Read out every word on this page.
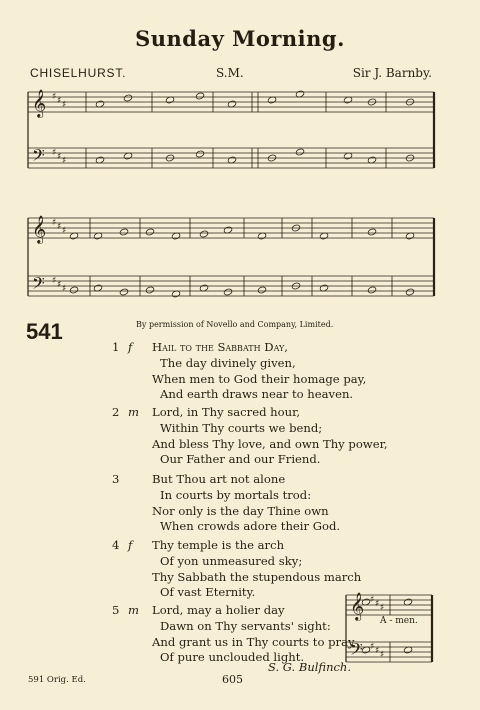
Sunday Morning.
CHISELHURST.	S.M.	Sir J. Barnby.
𝄞
𝄢
♯
♯
♯
♯
♯
♯
𝄞
𝄢
♯
♯
♯
♯
♯
♯
𝄞
𝄢
♯
♯
♯
♯
♯
♯
541	By permission of Novello and Company, Limited.
1 f Hail to the Sabbath Day,
The day divinely given,
When men to God their homage pay,
And earth draws near to heaven.
2 m Lord, in Thy sacred hour,
Within Thy courts we bend;
And bless Thy love, and own Thy power,
Our Father and our Friend.
3	But Thou art not alone
In courts by mortals trod:
Nor only is the day Thine own
When crowds adore their God.
4 f Thy temple is the arch
Of yon unmeasured sky;
Thy Sabbath the stupendous march
Of vast Eternity.
5 m Lord, may a holier day
Dawn on Thy servants' sight:
And grant us in Thy courts to pray
Of pure unclouded light.
A - men.
S. G. Bulfinch.
591 Orig. Ed.	605
